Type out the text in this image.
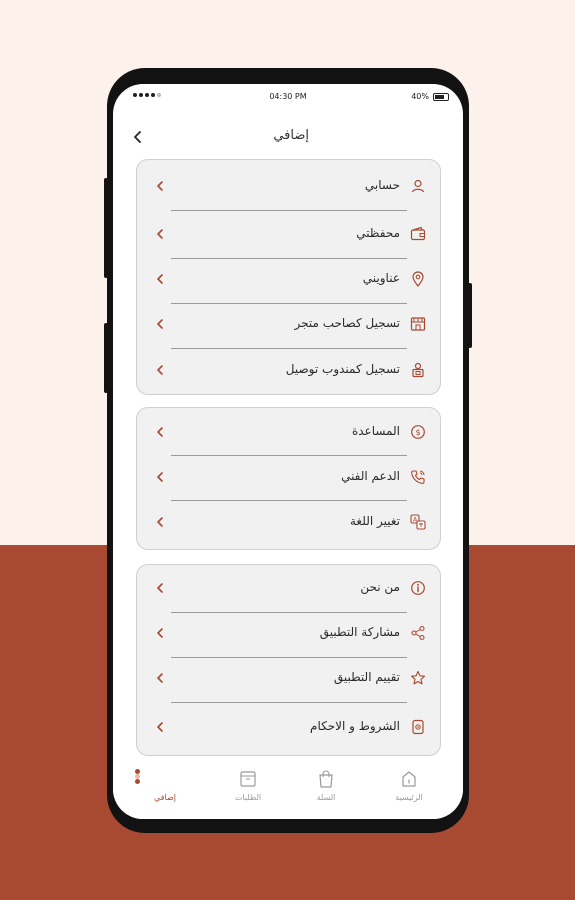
04:30 PM	40%
إضافي
حسابي
محفظتي
عناويني
تسجيل كصاحب متجر
تسجيل كمندوب توصيل
المساعدة $
الدعم الفني
تغيير اللغة A
من نحن
مشاركة التطبيق
تقييم التطبيق
الشروط و الاحكام
إضافي	الطلبات	السلة	الرئيسية
